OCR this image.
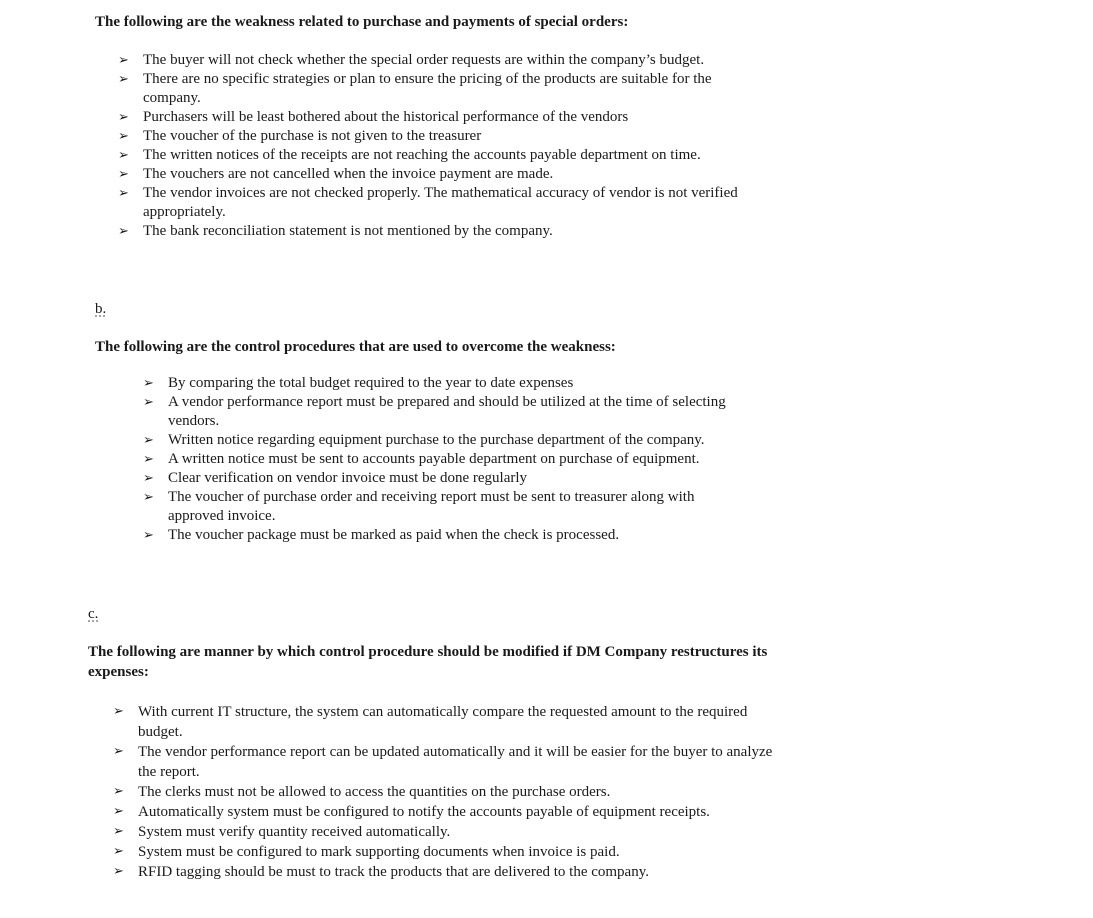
The following are the weakness related to purchase and payments of special orders:

➢ The buyer will not check whether the special order requests are within the company’s budget.
➢ There are no specific strategies or plan to ensure the pricing of the products are suitable for the company.
➢ Purchasers will be least bothered about the historical performance of the vendors
➢ The voucher of the purchase is not given to the treasurer
➢ The written notices of the receipts are not reaching the accounts payable department on time.
➢ The vouchers are not cancelled when the invoice payment are made.
➢ The vendor invoices are not checked properly. The mathematical accuracy of vendor is not verified appropriately.
➢ The bank reconciliation statement is not mentioned by the company.

b.

The following are the control procedures that are used to overcome the weakness:

➢ By comparing the total budget required to the year to date expenses
➢ A vendor performance report must be prepared and should be utilized at the time of selecting vendors.
➢ Written notice regarding equipment purchase to the purchase department of the company.
➢ A written notice must be sent to accounts payable department on purchase of equipment.
➢ Clear verification on vendor invoice must be done regularly
➢ The voucher of purchase order and receiving report must be sent to treasurer along with approved invoice.
➢ The voucher package must be marked as paid when the check is processed.

c.

The following are manner by which control procedure should be modified if DM Company restructures its expenses:

➢ With current IT structure, the system can automatically compare the requested amount to the required budget.
➢ The vendor performance report can be updated automatically and it will be easier for the buyer to analyze the report.
➢ The clerks must not be allowed to access the quantities on the purchase orders.
➢ Automatically system must be configured to notify the accounts payable of equipment receipts.
➢ System must verify quantity received automatically.
➢ System must be configured to mark supporting documents when invoice is paid.
➢ RFID tagging should be must to track the products that are delivered to the company.
